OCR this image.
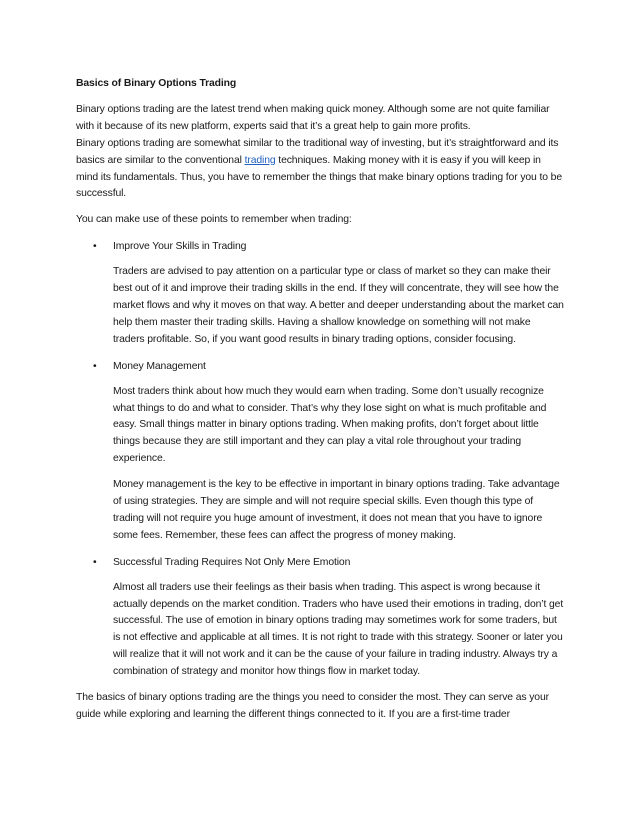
Basics of Binary Options Trading

Binary options trading are the latest trend when making quick money. Although some are not quite familiar with it because of its new platform, experts said that it’s a great help to gain more profits.

Binary options trading are somewhat similar to the traditional way of investing, but it’s straightforward and its basics are similar to the conventional trading techniques. Making money with it is easy if you will keep in mind its fundamentals. Thus, you have to remember the things that make binary options trading for you to be successful.

You can make use of these points to remember when trading:

• Improve Your Skills in Trading

Traders are advised to pay attention on a particular type or class of market so they can make their best out of it and improve their trading skills in the end. If they will concentrate, they will see how the market flows and why it moves on that way. A better and deeper understanding about the market can help them master their trading skills. Having a shallow knowledge on something will not make traders profitable. So, if you want good results in binary trading options, consider focusing.

• Money Management

Most traders think about how much they would earn when trading. Some don’t usually recognize what things to do and what to consider. That’s why they lose sight on what is much profitable and easy. Small things matter in binary options trading. When making profits, don’t forget about little things because they are still important and they can play a vital role throughout your trading experience.

Money management is the key to be effective in important in binary options trading. Take advantage of using strategies. They are simple and will not require special skills. Even though this type of trading will not require you huge amount of investment, it does not mean that you have to ignore some fees. Remember, these fees can affect the progress of money making.

• Successful Trading Requires Not Only Mere Emotion

Almost all traders use their feelings as their basis when trading. This aspect is wrong because it actually depends on the market condition. Traders who have used their emotions in trading, don’t get successful. The use of emotion in binary options trading may sometimes work for some traders, but is not effective and applicable at all times. It is not right to trade with this strategy. Sooner or later you will realize that it will not work and it can be the cause of your failure in trading industry. Always try a combination of strategy and monitor how things flow in market today.

The basics of binary options trading are the things you need to consider the most. They can serve as your guide while exploring and learning the different things connected to it. If you are a first-time trader
